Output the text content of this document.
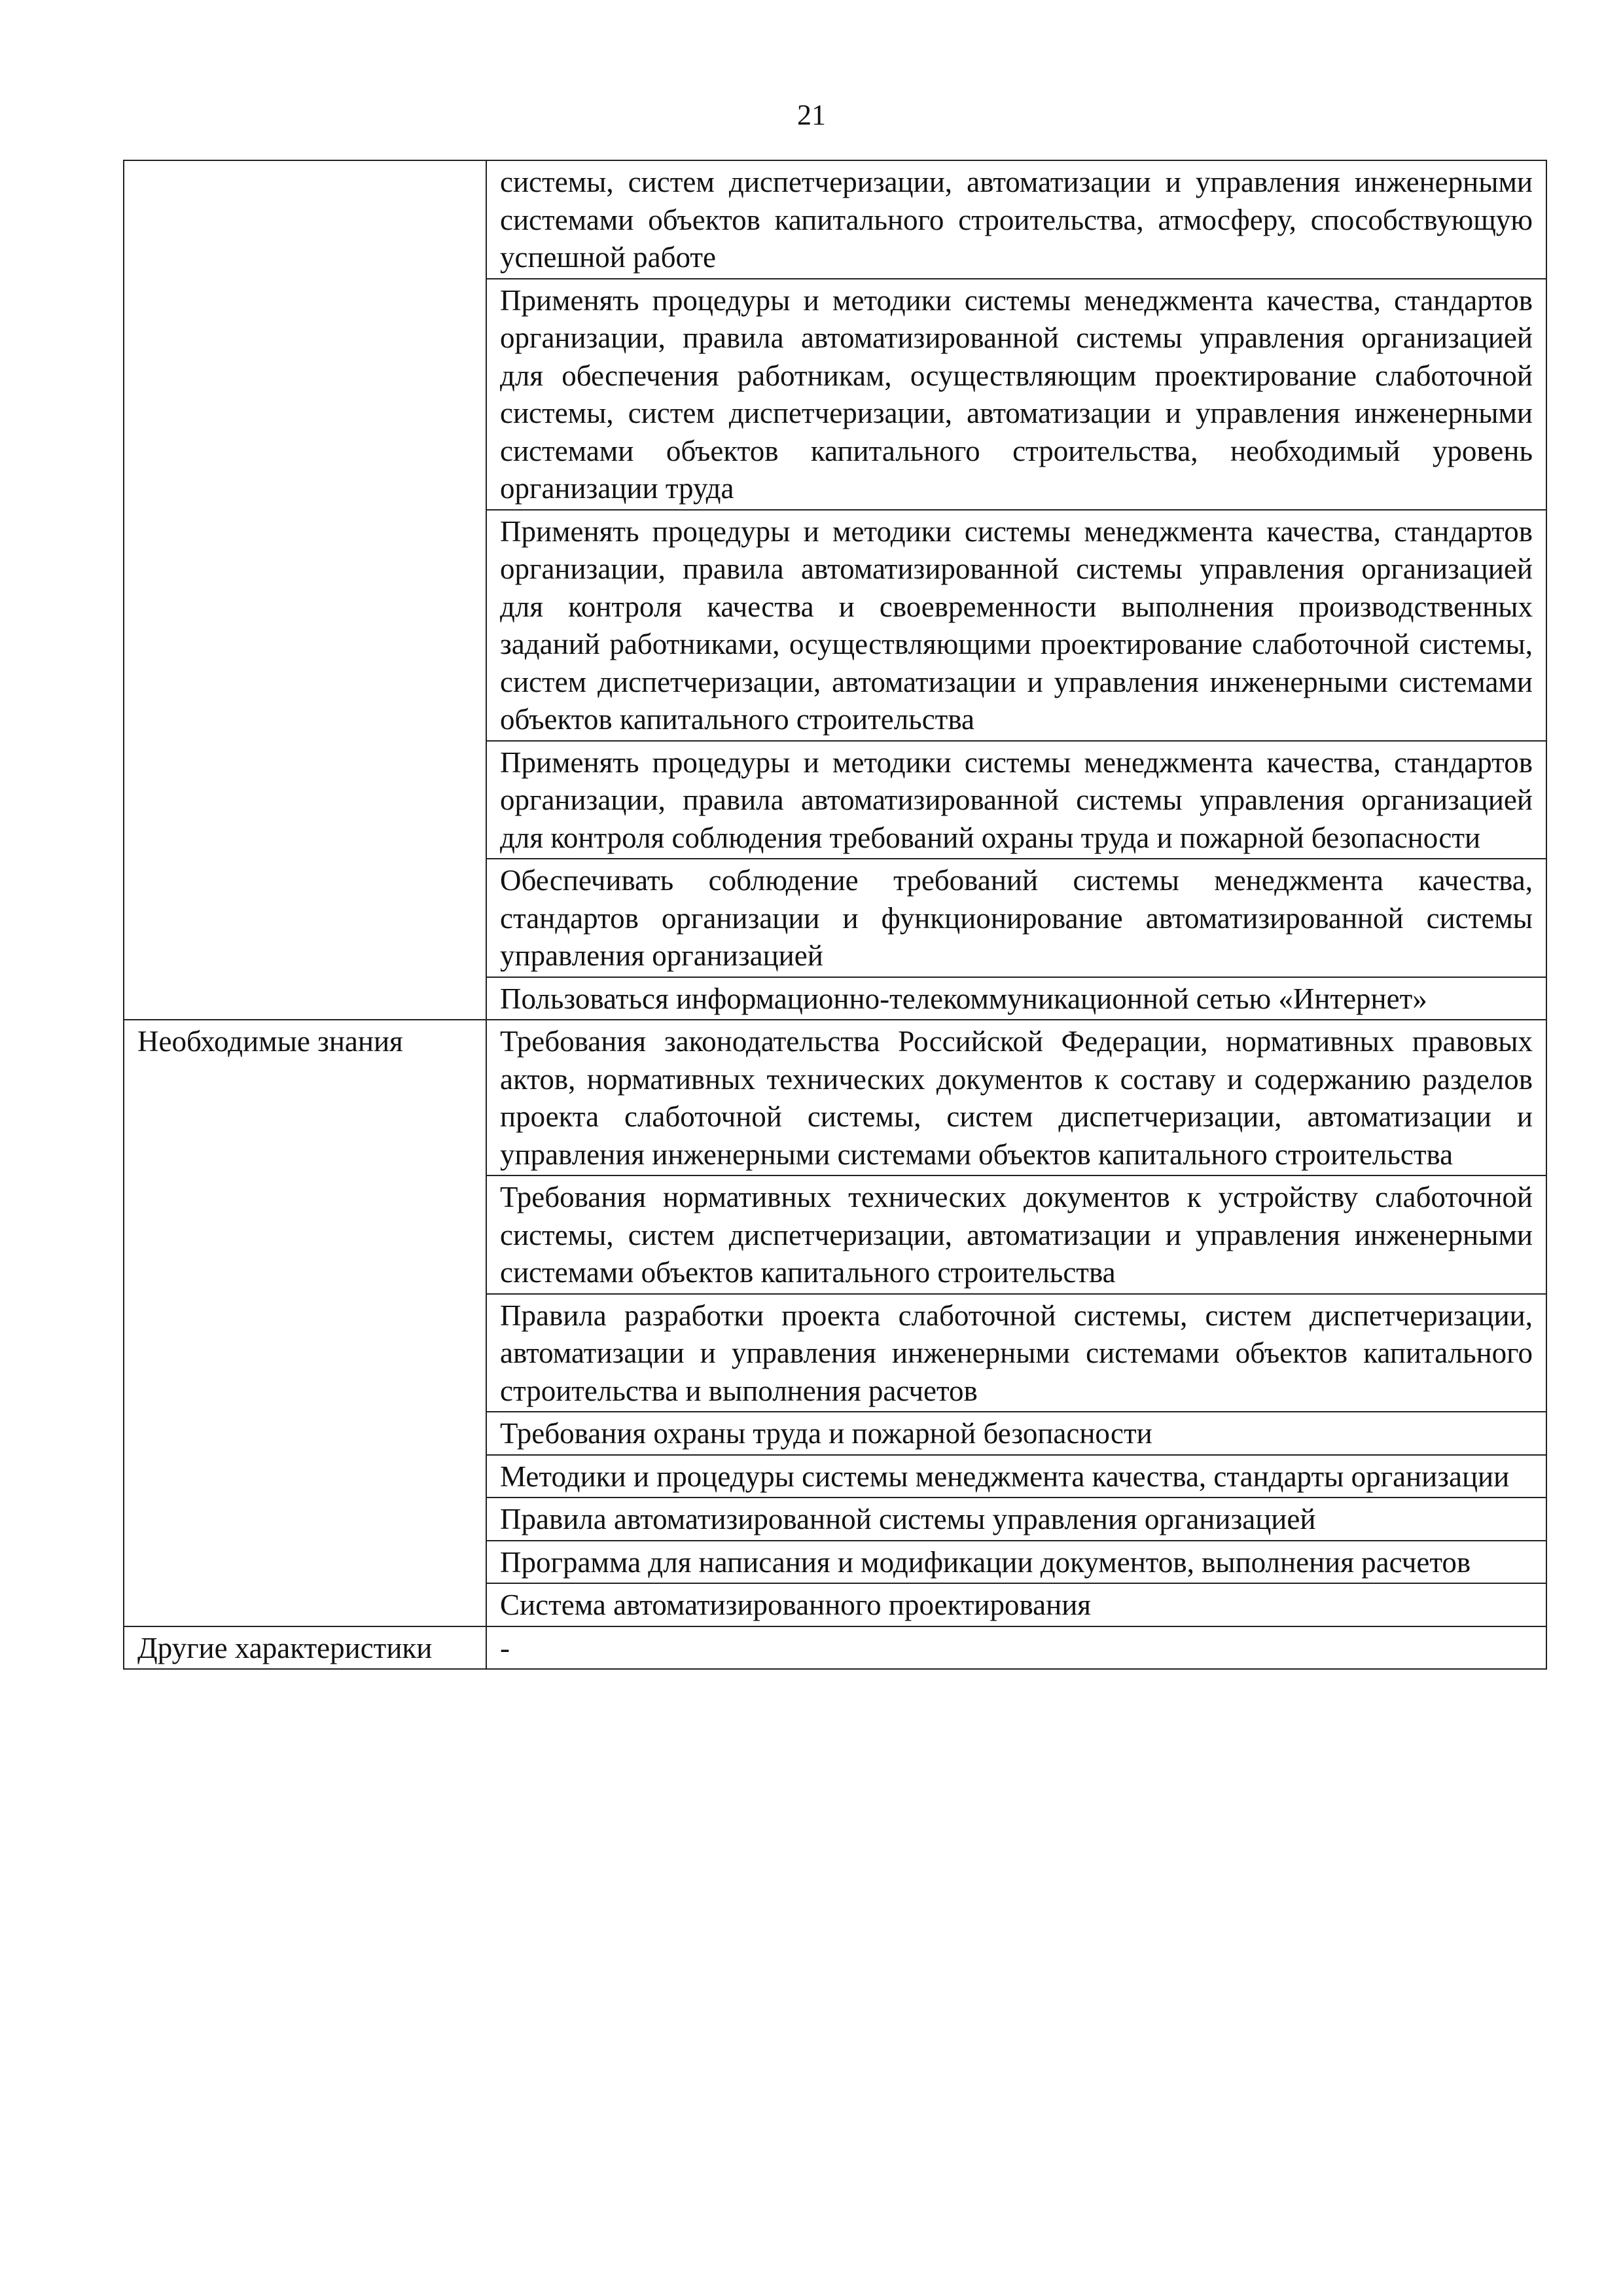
21
	системы, систем диспетчеризации, автоматизации и управления инженерными системами объектов капитального строительства, атмосферу, способствующую успешной работе
	Применять процедуры и методики системы менеджмента качества, стандартов организации, правила автоматизированной системы управления организацией для обеспечения работникам, осуществляющим проектирование слаботочной системы, систем диспетчеризации, автоматизации и управления инженерными системами объектов капитального строительства, необходимый уровень организации труда
	Применять процедуры и методики системы менеджмента качества, стандартов организации, правила автоматизированной системы управления организацией для контроля качества и своевременности выполнения производственных заданий работниками, осуществляющими проектирование слаботочной системы, систем диспетчеризации, автоматизации и управления инженерными системами объектов капитального строительства
	Применять процедуры и методики системы менеджмента качества, стандартов организации, правила автоматизированной системы управления организацией для контроля соблюдения требований охраны труда и пожарной безопасности
	Обеспечивать соблюдение требований системы менеджмента качества, стандартов организации и функционирование автоматизированной системы управления организацией
	Пользоваться информационно-телекоммуникационной сетью «Интернет»
Необходимые знания	Требования законодательства Российской Федерации, нормативных правовых актов, нормативных технических документов к составу и содержанию разделов проекта слаботочной системы, систем диспетчеризации, автоматизации и управления инженерными системами объектов капитального строительства
	Требования нормативных технических документов к устройству слаботочной системы, систем диспетчеризации, автоматизации и управления инженерными системами объектов капитального строительства
	Правила разработки проекта слаботочной системы, систем диспетчеризации, автоматизации и управления инженерными системами объектов капитального строительства и выполнения расчетов
	Требования охраны труда и пожарной безопасности
	Методики и процедуры системы менеджмента качества, стандарты организации
	Правила автоматизированной системы управления организацией
	Программа для написания и модификации документов, выполнения расчетов
	Система автоматизированного проектирования
Другие характеристики	-
